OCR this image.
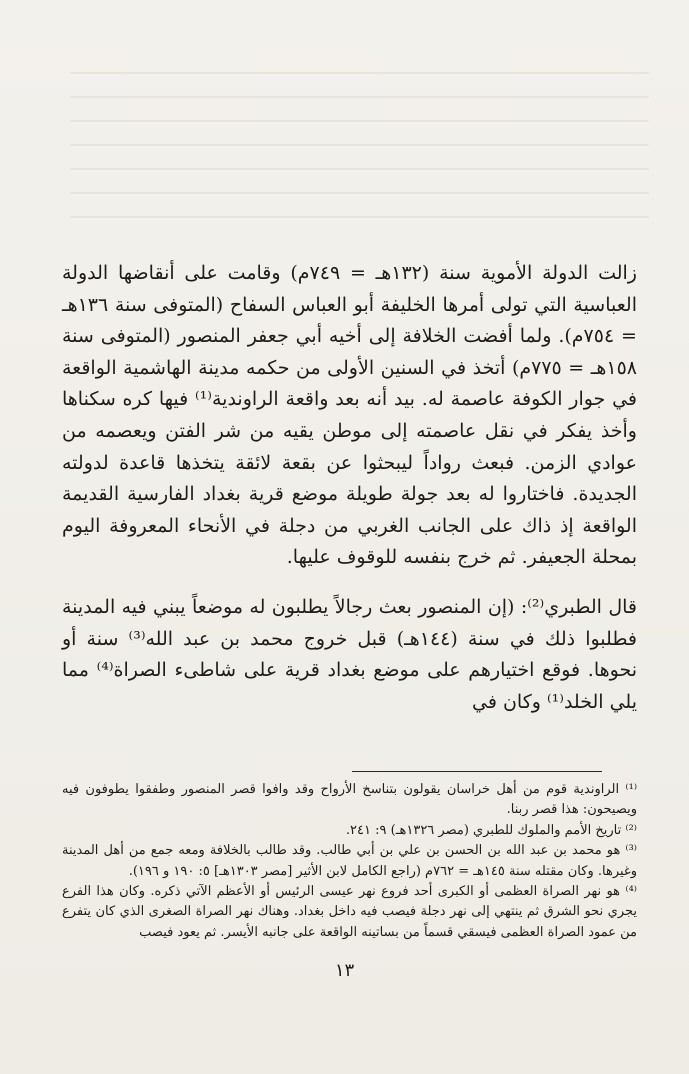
زالت الدولة الأموية سنة (١٣٢هـ = ٧٤٩م) وقامت على أنقاضها الدولة العباسية التي تولى أمرها الخليفة أبو العباس السفاح (المتوفى سنة ١٣٦هـ = ٧٥٤م). ولما أفضت الخلافة إلى أخيه أبي جعفر المنصور (المتوفى سنة ١٥٨هـ = ٧٧٥م) أتخذ في السنين الأولى من حكمه مدينة الهاشمية الواقعة في جوار الكوفة عاصمة له. بيد أنه بعد واقعة الراوندية⁽¹⁾ فيها كره سكناها وأخذ يفكر في نقل عاصمته إلى موطن يقيه من شر الفتن ويعصمه من عوادي الزمن. فبعث رواداً ليبحثوا عن بقعة لائقة يتخذها قاعدة لدولته الجديدة. فاختاروا له بعد جولة طويلة موضع قرية بغداد الفارسية القديمة الواقعة إذ ذاك على الجانب الغربي من دجلة في الأنحاء المعروفة اليوم بمحلة الجعيفر. ثم خرج بنفسه للوقوف عليها.

قال الطبري⁽²⁾: (إن المنصور بعث رجالاً يطلبون له موضعاً يبني فيه المدينة فطلبوا ذلك في سنة (١٤٤هـ) قبل خروج محمد بن عبد الله⁽³⁾ سنة أو نحوها. فوقع اختيارهم على موضع بغداد قرية على شاطىء الصراة⁽⁴⁾ مما يلي الخلد⁽¹⁾ وكان في

⁽¹⁾ الراوندية قوم من أهل خراسان يقولون بتناسخ الأرواح وقد وافوا قصر المنصور وطفقوا يطوفون فيه ويصيحون: هذا قصر ربنا.

⁽²⁾ تاريخ الأمم والملوك للطبري (مصر ١٣٢٦هـ) ٩: ٢٤١.

⁽³⁾ هو محمد بن عبد الله بن الحسن بن علي بن أبي طالب. وقد طالب بالخلافة ومعه جمع من أهل المدينة وغيرها. وكان مقتله سنة ١٤٥هـ = ٧٦٢م (راجع الكامل لابن الأثير [مصر ١٣٠٣هـ] ٥: ١٩٠ و ١٩٦).

⁽⁴⁾ هو نهر الصراة العظمى أو الكبرى أحد فروع نهر عيسى الرئيس أو الأعظم الآتي ذكره. وكان هذا الفرع يجري نحو الشرق ثم ينتهي إلى نهر دجلة فيصب فيه داخل بغداد. وهناك نهر الصراة الصغرى الذي كان يتفرع من عمود الصراة العظمى فيسقي قسماً من بساتينه الواقعة على جانبه الأيسر. ثم يعود فيصب

١٣
